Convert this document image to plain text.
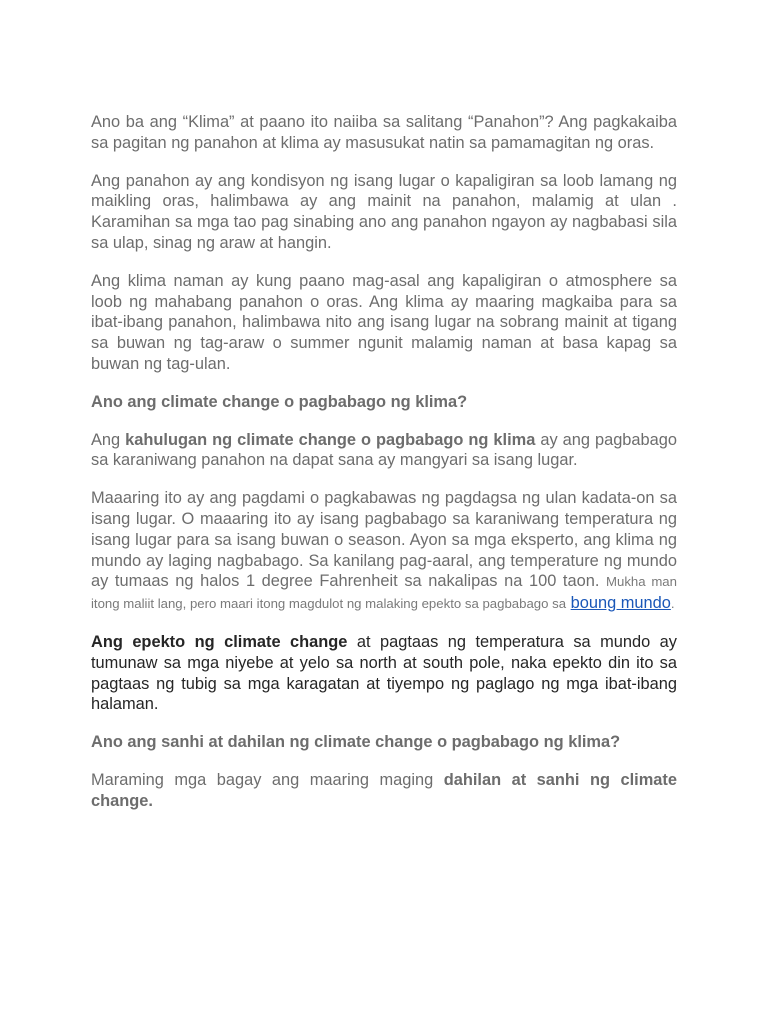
Ano ba ang “Klima” at paano ito naiiba sa salitang “Panahon”? Ang pagkakaiba sa pagitan ng panahon at klima ay masusukat natin sa pamamagitan ng oras.

Ang panahon ay ang kondisyon ng isang lugar o kapaligiran sa loob lamang ng maikling oras, halimbawa ay ang mainit na panahon, malamig at ulan . Karamihan sa mga tao pag sinabing ano ang panahon ngayon ay nagbabasi sila sa ulap, sinag ng araw at hangin.

Ang klima naman ay kung paano mag-asal ang kapaligiran o atmosphere sa loob ng mahabang panahon o oras. Ang klima ay maaring magkaiba para sa ibat-ibang panahon, halimbawa nito ang isang lugar na sobrang mainit at tigang sa buwan ng tag-araw o summer ngunit malamig naman at basa kapag sa buwan ng tag-ulan.

Ano ang climate change o pagbabago ng klima?

Ang kahulugan ng climate change o pagbabago ng klima ay ang pagbabago sa karaniwang panahon na dapat sana ay mangyari sa isang lugar.

Maaaring ito ay ang pagdami o pagkabawas ng pagdagsa ng ulan kadata-on sa isang lugar. O maaaring ito ay isang pagbabago sa karaniwang temperatura ng isang lugar para sa isang buwan o season. Ayon sa mga eksperto, ang klima ng mundo ay laging nagbabago. Sa kanilang pag-aaral, ang temperature ng mundo ay tumaas ng halos 1 degree Fahrenheit sa nakalipas na 100 taon. Mukha man itong maliit lang, pero maari itong magdulot ng malaking epekto sa pagbabago sa boung mundo.

Ang epekto ng climate change at pagtaas ng temperatura sa mundo ay tumunaw sa mga niyebe at yelo sa north at south pole, naka epekto din ito sa pagtaas ng tubig sa mga karagatan at tiyempo ng paglago ng mga ibat-ibang halaman.

Ano ang sanhi at dahilan ng climate change o pagbabago ng klima?

Maraming mga bagay ang maaring maging dahilan at sanhi ng climate change.
